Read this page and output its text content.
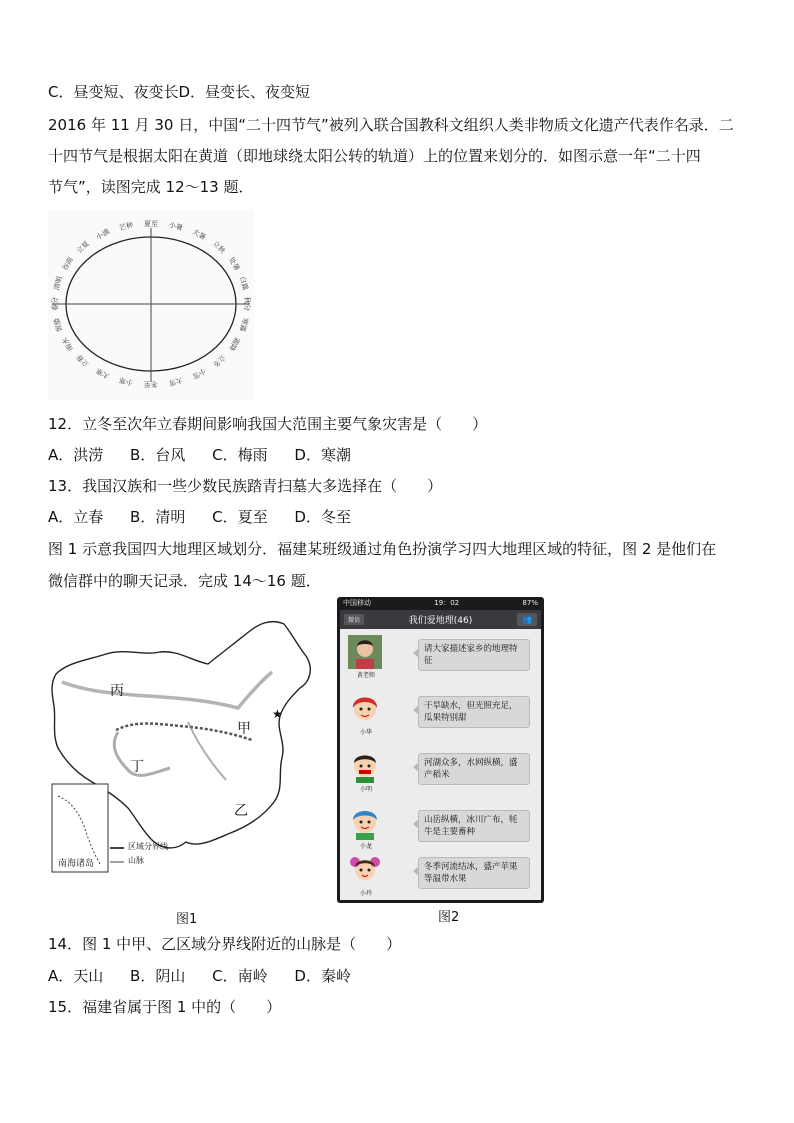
C．昼变短、夜变长D．昼变长、夜变短
2016 年 11 月 30 日，中国“二十四节气”被列入联合国教科文组织人类非物质文化遗产代表作名录．二
十四节气是根据太阳在黄道（即地球绕太阳公转的轨道）上的位置来划分的．如图示意一年“二十四
节气”，读图完成 12～13 题．
夏至 小暑
大暑
立秋
处暑
白露
秋分
寒露
霜降
立冬
小雪
大雪
冬至
小寒
大寒
立春
雨水
惊蛰
春分
清明
谷雨
立夏
小满
芒种
12．立冬至次年立春期间影响我国大范围主要气象灾害是（　　）
A．洪涝 B．台风 C．梅雨 D．寒潮
13．我国汉族和一些少数民族踏青扫墓大多选择在（　　）
A．立春 B．清明 C．夏至 D．冬至
图 1 示意我国四大地理区域划分．福建某班级通过角色扮演学习四大地理区域的特征，图 2 是他们在
微信群中的聊天记录．完成 14～16 题．
★
丙
甲
丁
乙
区域分界线
山脉
南海诸岛
图1
中国移动	19：02	87%
微信	我们爱地理(46)	👥
黄老师
请大家描述家乡的地理特征
小华
干旱缺水，但光照充足，瓜果特别甜
小明
河湖众多，水网纵横，盛产稻米
小龙
山岳纵横，冰川广布，牦牛是主要畜种
小玲
冬季河流结冰，盛产苹果等温带水果
图2
14．图 1 中甲、乙区域分界线附近的山脉是（　　）
A．天山 B．阴山 C．南岭 D．秦岭
15．福建省属于图 1 中的（　　）
